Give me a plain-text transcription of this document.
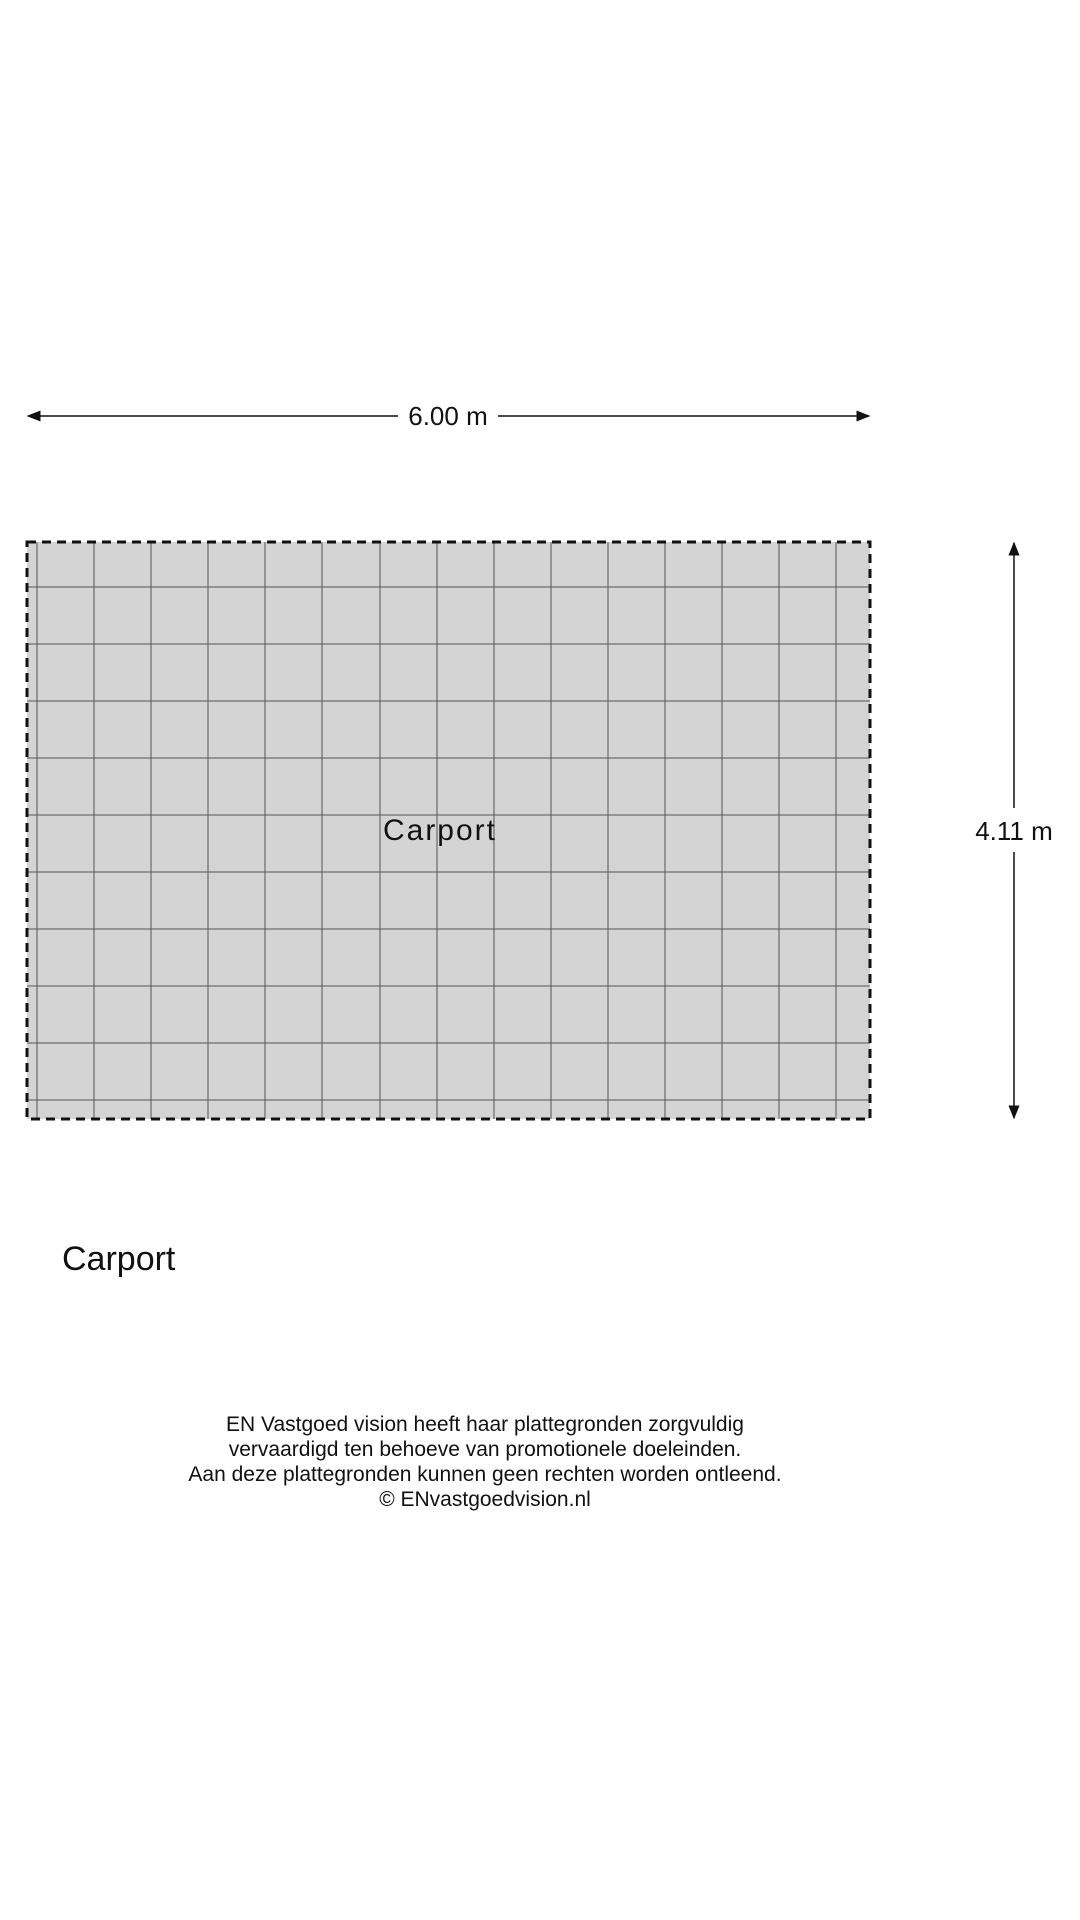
Carport
6.00 m
4.11 m
Carport
EN Vastgoed vision heeft haar plattegronden zorgvuldig
vervaardigd ten behoeve van promotionele doeleinden.
Aan deze plattegronden kunnen geen rechten worden ontleend.
© ENvastgoedvision.nl
